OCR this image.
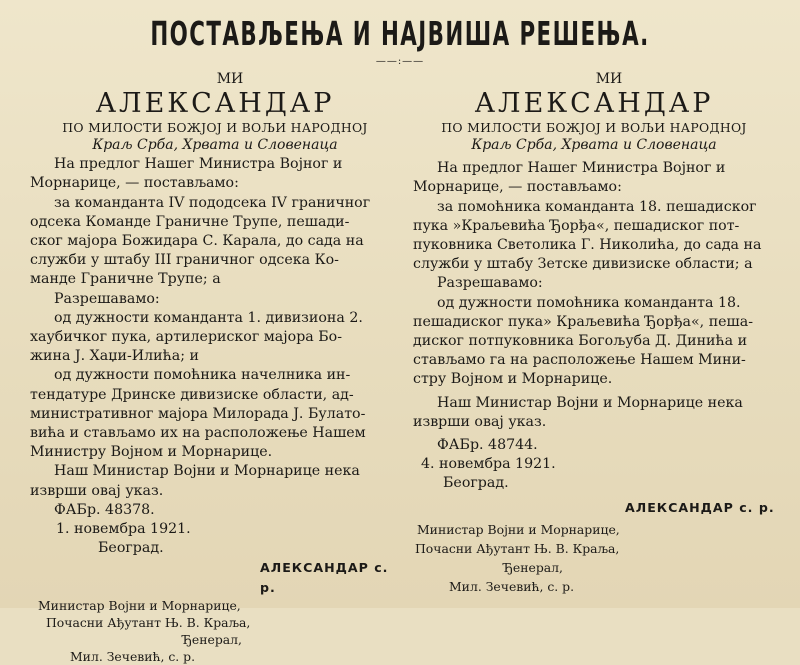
ПОСТАВЉЕЊА И НАЈВИША РЕШЕЊА.
——:——
МИ
АЛЕКСАНДАР
ПО МИЛОСТИ БОЖЈОЈ И ВОЉИ НАРОДНОЈ
Краљ Срба, Хрвата и Словенаца
На предлог Нашег Министра Војног и
Морнарице, — постављамо:
за команданта IV пододсека IV граничног
одсека Команде Граничне Трупе, пешади-
ског мајора Божидара С. Карала, до сада на
служби у штабу III граничног одсека Ко-
манде Граничне Трупе; а
Разрешавамо:
од дужности команданта 1. дивизиона 2.
хаубичког пука, артилериског мајора Бо-
жина Ј. Хаџи-Илића; и
од дужности помоћника начелника ин-
тендатуре Дринске дивизиске области, ад-
министративног мајора Милорада Ј. Булато-
вића и стављамо их на расположење Нашем
Министру Војном и Морнарице.
Наш Министар Војни и Морнарице нека
изврши овај указ.
ФАБр. 48378.
1. новембра 1921.
Београд.
АЛЕКСАНДАР с. р.
Министар Војни и Морнарице,
Почасни Ађутант Њ. В. Краља,
Ђенерал,
Мил. Зечевић, с. р.
МИ
АЛЕКСАНДАР
ПО МИЛОСТИ БОЖЈОЈ И ВОЉИ НАРОДНОЈ
Краљ Срба, Хрвата и Словенаца
На предлог Нашег Министра Војног и
Морнарице, — постављамо:
за помоћника команданта 18. пешадиског
пука »Краљевића Ђорђа«, пешадиског пот-
пуковника Светолика Г. Николића, до сада на
служби у штабу Зетске дивизиске области; а
Разрешавамо:
од дужности помоћника команданта 18.
пешадиског пука» Краљевића Ђорђа«, пеша-
диског потпуковника Богољуба Д. Динића и
стављамо га на расположење Нашем Мини-
стру Војном и Морнарице.
Наш Министар Војни и Морнарице нека
изврши овај указ.
ФАБр. 48744.
4. новембра 1921.
Београд.
АЛЕКСАНДАР с. р.
Министар Војни и Морнарице,
Почасни Ађутант Њ. В. Краља,
Ђенерал,
Мил. Зечевић, с. р.
